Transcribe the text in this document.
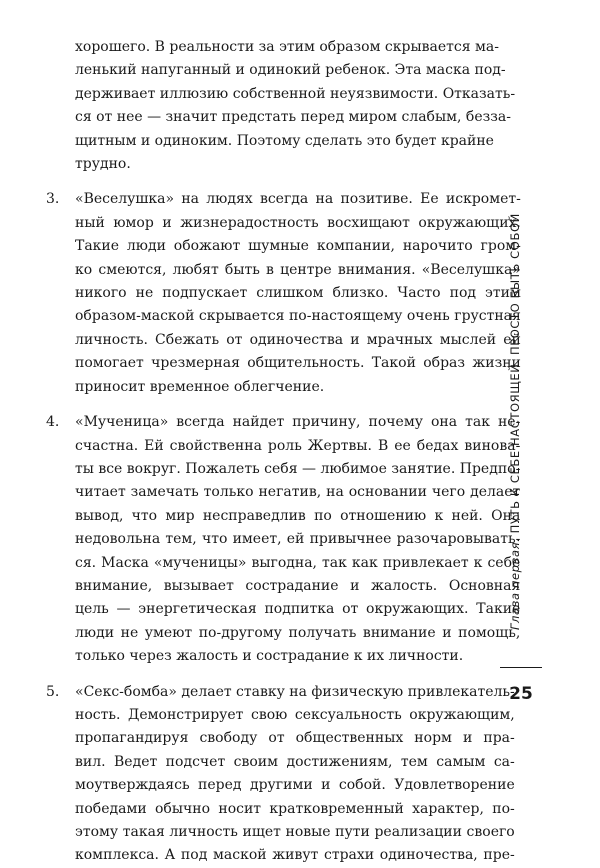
хорошего. В реальности за этим образом скрывается ма-
ленький напуганный и одинокий ребенок. Эта маска под-
держивает иллюзию собственной неуязвимости. Отказать-
ся от нее — значит предстать перед миром слабым, безза-
щитным и одиноким. Поэтому сделать это будет крайне
трудно.

3.	«Веселушка» на людях всегда на позитиве. Ее искромет-
ный юмор и жизнерадостность восхищают окружающих.
Такие люди обожают шумные компании, нарочито гром-
ко смеются, любят быть в центре внимания. «Веселушка»
никого не подпускает слишком близко. Часто под этим
образом-маской скрывается по-настоящему очень грустная
личность. Сбежать от одиночества и мрачных мыслей ей
помогает чрезмерная общительность. Такой образ жизни
приносит временное облегчение.

4.	«Мученица» всегда найдет причину, почему она так не-
счастна. Ей свойственна роль Жертвы. В ее бедах винова-
ты все вокруг. Пожалеть себя — любимое занятие. Предпо-
читает замечать только негатив, на основании чего делает
вывод, что мир несправедлив по отношению к ней. Она
недовольна тем, что имеет, ей привычнее разочаровывать-
ся. Маска «мученицы» выгодна, так как привлекает к себе
внимание, вызывает сострадание и жалость. Основная
цель — энергетическая подпитка от окружающих. Такие
люди не умеют по-другому получать внимание и помощь,
только через жалость и сострадание к их личности.

5.	«Секс-бомба» делает ставку на физическую привлекатель-
ность. Демонстрирует свою сексуальность окружающим,
пропагандируя свободу от общественных норм и пра-
вил. Ведет подсчет своим достижениям, тем самым са-
моутверждаясь перед другими и собой. Удовлетворение
победами обычно носит кратковременный характер, по-
этому такая личность ищет новые пути реализации своего
комплекса. А под маской живут страхи одиночества, пре-

Глава первая. ПУТЬ К СЕБЕ НАСТОЯЩЕЙ. ПРОСТО БЫТЬ СОБОЙ
25
